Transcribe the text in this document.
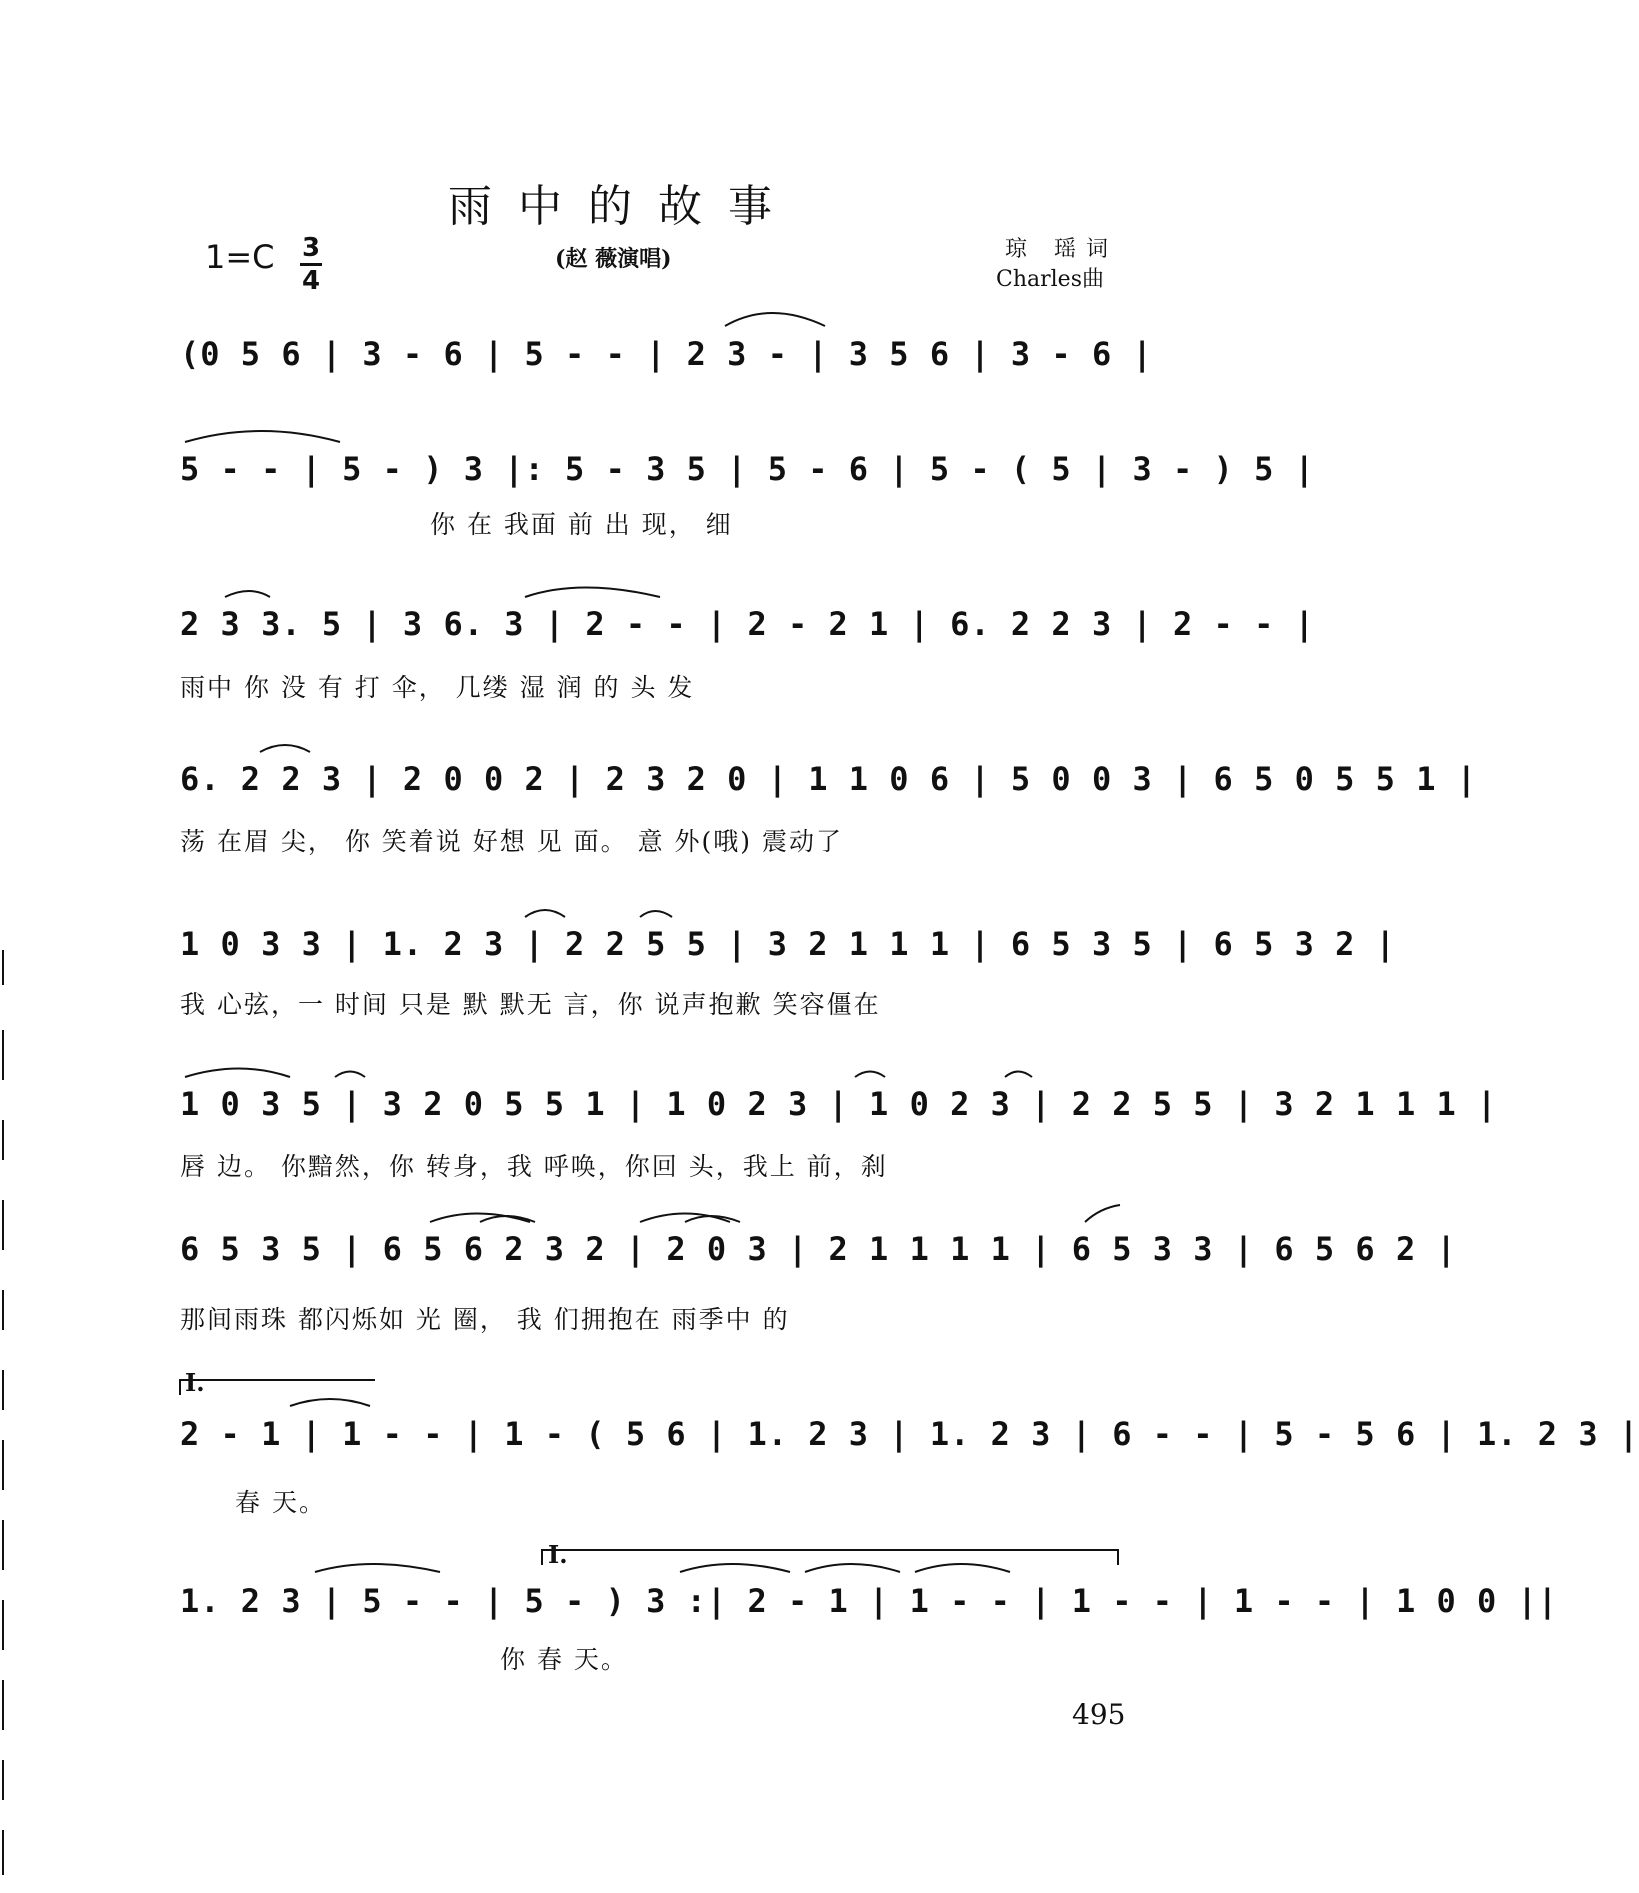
雨中的故事
1=C 3
4
(赵 薇演唱)	琼 瑶词
Charles曲
(0 5 6 | 3 - 6 | 5 - - | 2 3 - | 3 5 6 | 3 - 6 |
5 - - | 5 - ) 3 |: 5 - 3 5 | 5 - 6 | 5 - ( 5 | 3 - ) 5 |
你 在 我面 前 出 现， 细
2 3 3. 5 | 3 6. 3 | 2 - - | 2 - 2 1 | 6. 2 2 3 | 2 - - |
雨中 你 没 有 打 伞， 几缕 湿 润 的 头 发
6. 2 2 3 | 2 0 0 2 | 2 3 2 0 | 1 1 0 6 | 5 0 0 3 | 6 5 0 5 5 1 |
荡 在眉 尖， 你 笑着说 好想 见 面。 意 外(哦) 震动了
1 0 3 3 | 1. 2 3 | 2 2 5 5 | 3 2 1 1 1 | 6 5 3 5 | 6 5 3 2 |
我 心弦，一 时间 只是 默 默无 言，你 说声抱歉 笑容僵在
1 0 3 5 | 3 2 0 5 5 1 | 1 0 2 3 | 1 0 2 3 | 2 2 5 5 | 3 2 1 1 1 |
唇 边。 你黯然，你 转身，我 呼唤，你回 头，我上 前，刹
6 5 3 5 | 6 5 6 2 3 2 | 2 0 3 | 2 1 1 1 1 | 6 5 3 3 | 6 5 6 2 |
那间雨珠 都闪烁如 光 圈， 我 们拥抱在 雨季中 的
I.
2 - 1 | 1 - - | 1 - ( 5 6 | 1. 2 3 | 1. 2 3 | 6 - - | 5 - 5 6 | 1. 2 3 |
春 天。
I.
1. 2 3 | 5 - - | 5 - ) 3 :| 2 - 1 | 1 - - | 1 - - | 1 - - | 1 0 0 ||
你 春 天。
495
